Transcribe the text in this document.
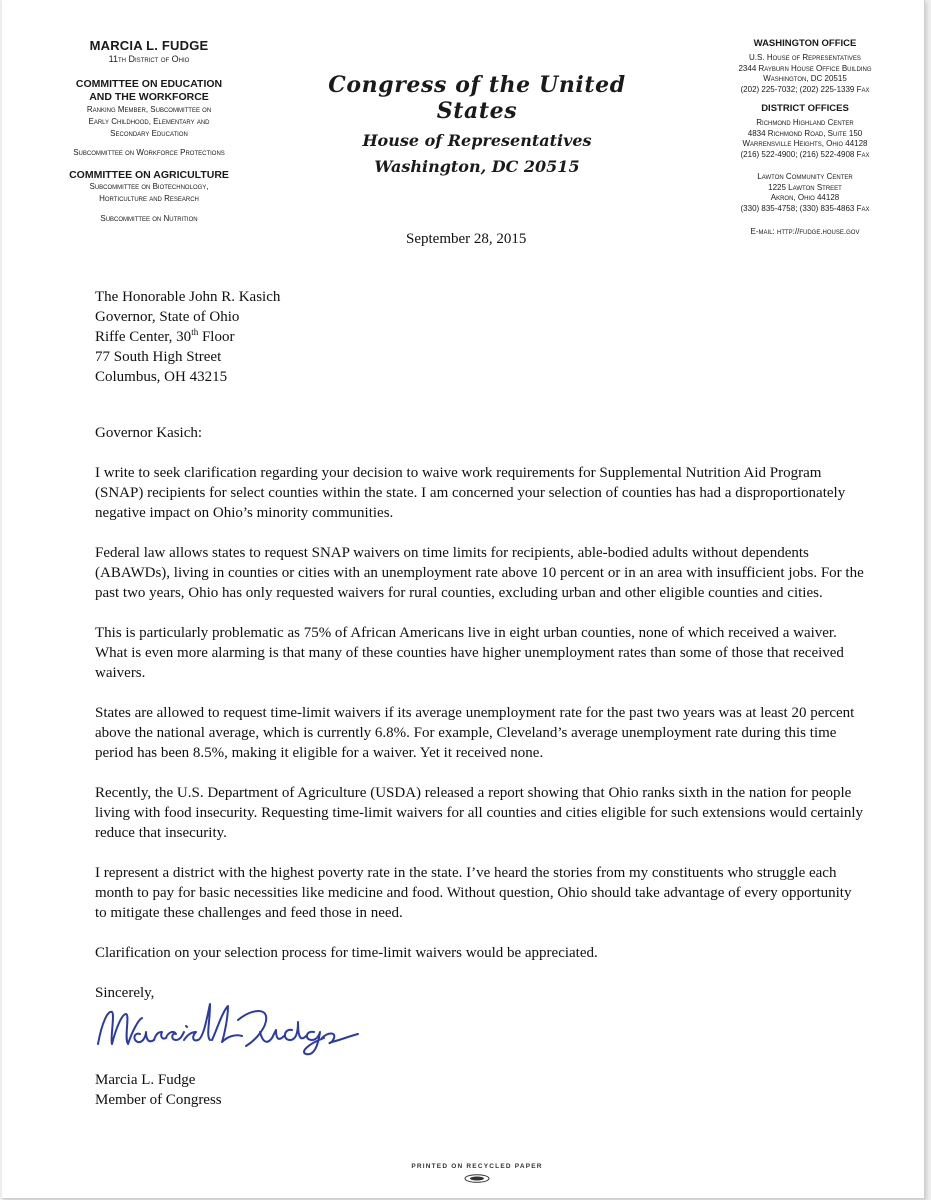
MARCIA L. FUDGE
11th District of Ohio
COMMITTEE ON EDUCATION
AND THE WORKFORCE
Ranking Member, Subcommittee on
Early Childhood, Elementary and
Secondary Education
Subcommittee on Workforce Protections
COMMITTEE ON AGRICULTURE
Subcommittee on Biotechnology,
Horticulture and Research
Subcommittee on Nutrition
Congress of the United States
House of Representatives
Washington, DC 20515
WASHINGTON OFFICE
U.S. House of Representatives
2344 Rayburn House Office Building
Washington, DC 20515
(202) 225-7032; (202) 225-1339 Fax
DISTRICT OFFICES
Richmond Highland Center
4834 Richmond Road, Suite 150
Warrensville Heights, Ohio 44128
(216) 522-4900; (216) 522-4908 Fax
Lawton Community Center
1225 Lawton Street
Akron, Ohio 44128
(330) 835-4758; (330) 835-4863 Fax
E-mail: http://fudge.house.gov
September 28, 2015
The Honorable John R. Kasich
Governor, State of Ohio
Riffe Center, 30th Floor
77 South High Street
Columbus, OH 43215
Governor Kasich:
I write to seek clarification regarding your decision to waive work requirements for Supplemental Nutrition Aid Program (SNAP) recipients for select counties within the state. I am concerned your selection of counties has had a disproportionately negative impact on Ohio’s minority communities.
Federal law allows states to request SNAP waivers on time limits for recipients, able-bodied adults without dependents (ABAWDs), living in counties or cities with an unemployment rate above 10 percent or in an area with insufficient jobs. For the past two years, Ohio has only requested waivers for rural counties, excluding urban and other eligible counties and cities.
This is particularly problematic as 75% of African Americans live in eight urban counties, none of which received a waiver. What is even more alarming is that many of these counties have higher unemployment rates than some of those that received waivers.
States are allowed to request time-limit waivers if its average unemployment rate for the past two years was at least 20 percent above the national average, which is currently 6.8%. For example, Cleveland’s average unemployment rate during this time period has been 8.5%, making it eligible for a waiver. Yet it received none.
Recently, the U.S. Department of Agriculture (USDA) released a report showing that Ohio ranks sixth in the nation for people living with food insecurity. Requesting time-limit waivers for all counties and cities eligible for such extensions would certainly reduce that insecurity.
I represent a district with the highest poverty rate in the state. I’ve heard the stories from my constituents who struggle each month to pay for basic necessities like medicine and food. Without question, Ohio should take advantage of every opportunity to mitigate these challenges and feed those in need.
Clarification on your selection process for time-limit waivers would be appreciated.
Sincerely,
Marcia L. Fudge
Member of Congress
PRINTED ON RECYCLED PAPER
